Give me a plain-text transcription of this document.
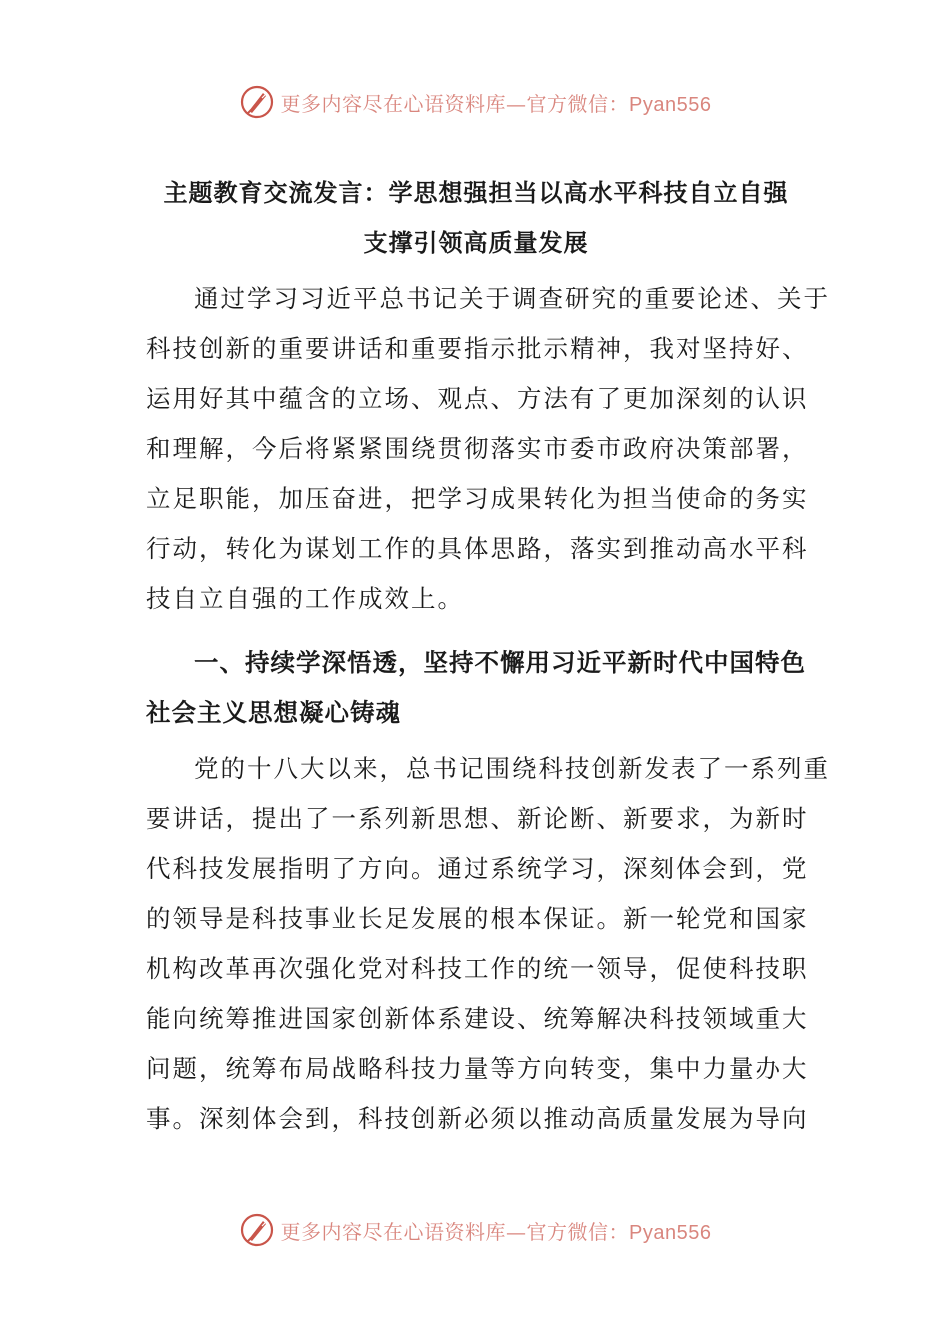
更多内容尽在心语资料库—官方微信：Pyan556
主题教育交流发言：学思想强担当以高水平科技自立自强
支撑引领高质量发展
通过学习习近平总书记关于调查研究的重要论述、关于
科技创新的重要讲话和重要指示批示精神，我对坚持好、
运用好其中蕴含的立场、观点、方法有了更加深刻的认识
和理解，今后将紧紧围绕贯彻落实市委市政府决策部署，
立足职能，加压奋进，把学习成果转化为担当使命的务实
行动，转化为谋划工作的具体思路，落实到推动高水平科
技自立自强的工作成效上。
一、持续学深悟透，坚持不懈用习近平新时代中国特色
社会主义思想凝心铸魂
党的十八大以来，总书记围绕科技创新发表了一系列重
要讲话，提出了一系列新思想、新论断、新要求，为新时
代科技发展指明了方向。通过系统学习，深刻体会到，党
的领导是科技事业长足发展的根本保证。新一轮党和国家
机构改革再次强化党对科技工作的统一领导，促使科技职
能向统筹推进国家创新体系建设、统筹解决科技领域重大
问题，统筹布局战略科技力量等方向转变，集中力量办大
事。深刻体会到，科技创新必须以推动高质量发展为导向
更多内容尽在心语资料库—官方微信：Pyan556
